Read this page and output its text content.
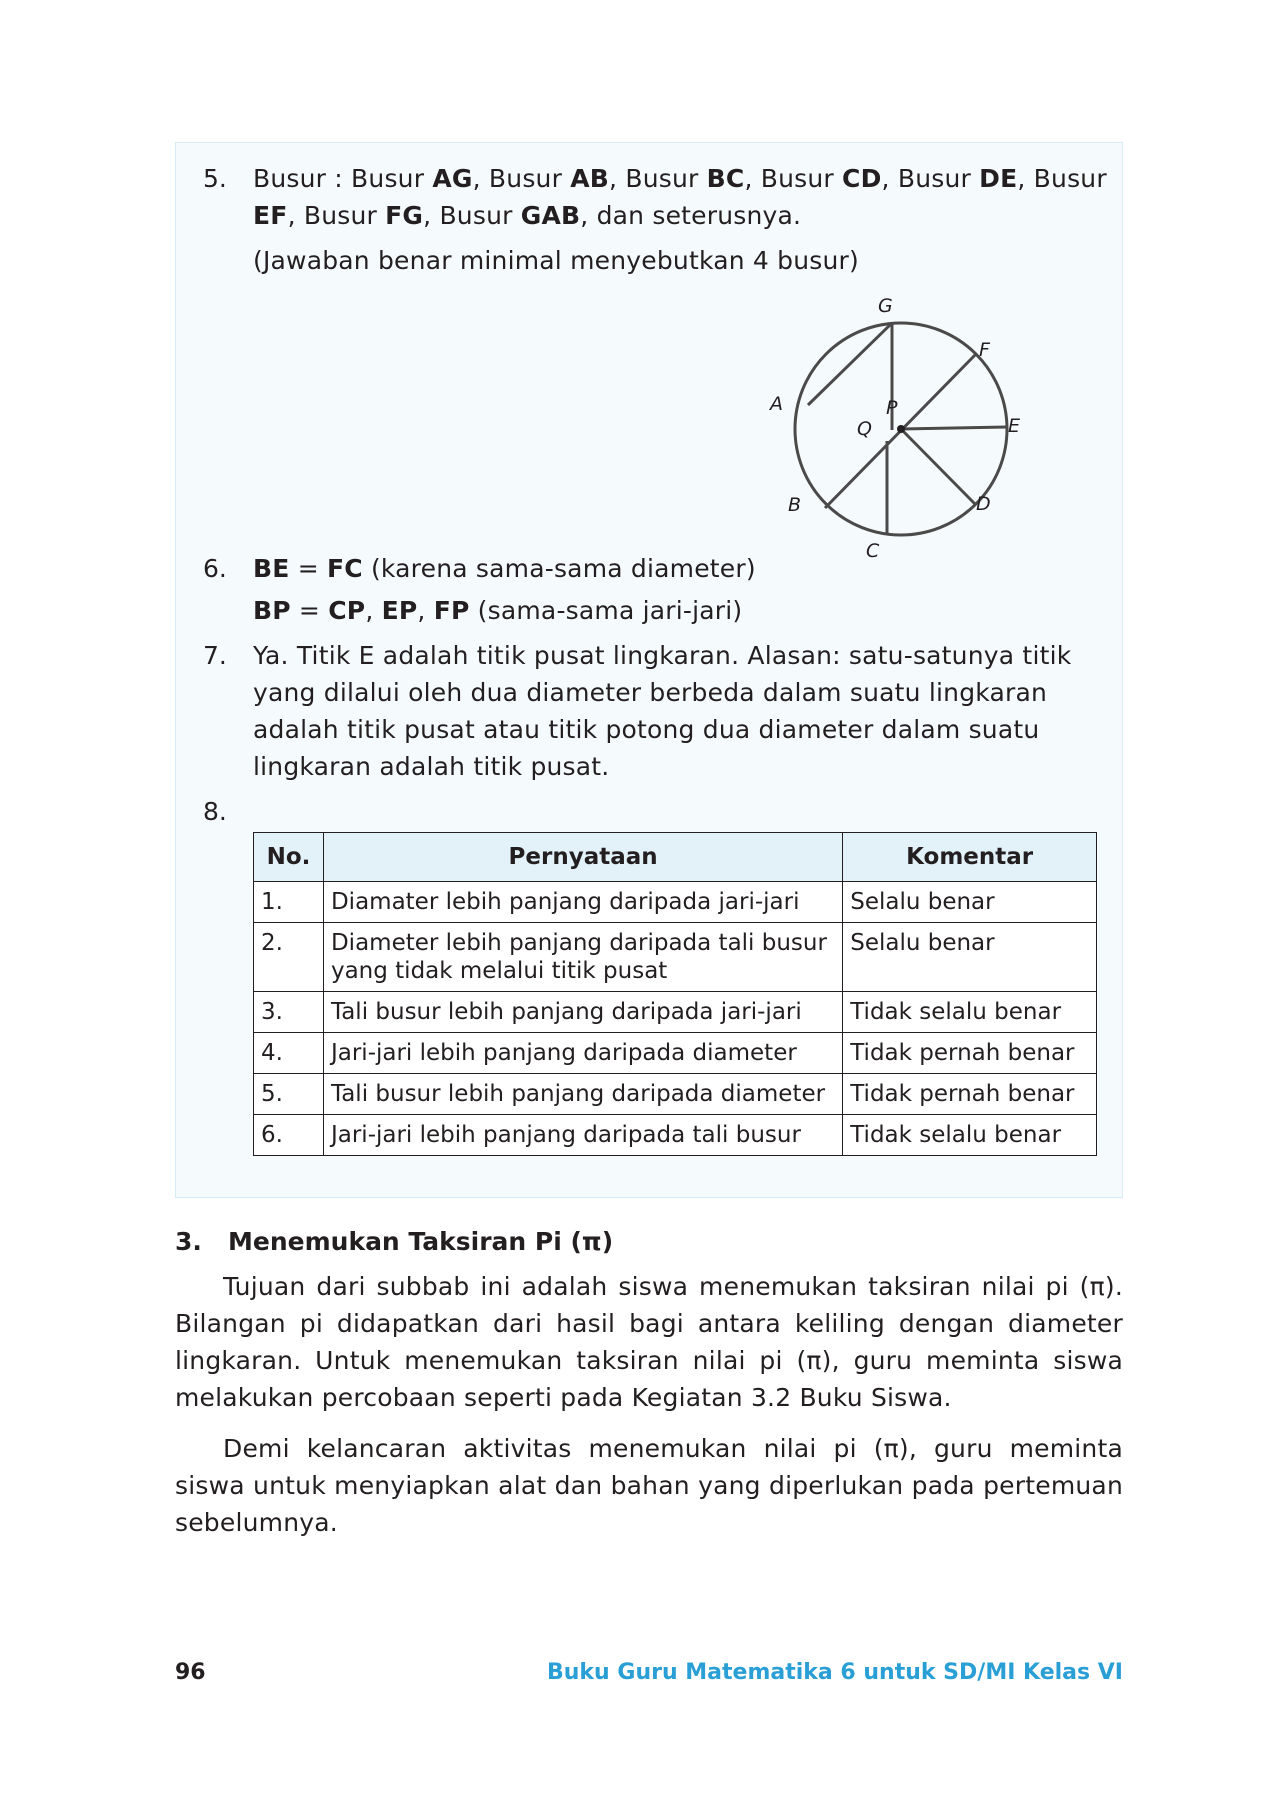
5. Busur : Busur AG, Busur AB, Busur BC, Busur CD, Busur DE, Busur EF, Busur FG, Busur GAB, dan seterusnya.
(Jawaban benar minimal menyebutkan 4 busur)
G
F
A	P
Q	E
B	D
C
6. BE = FC (karena sama-sama diameter)
BP = CP, EP, FP (sama-sama jari-jari)
7. Ya. Titik E adalah titik pusat lingkaran. Alasan: satu-satunya titik
yang dilalui oleh dua diameter berbeda dalam suatu lingkaran
adalah titik pusat atau titik potong dua diameter dalam suatu
lingkaran adalah titik pusat.
8.
No.	Pernyataan	Komentar
1.	Diamater lebih panjang daripada jari-jari	Selalu benar
2.	Diameter lebih panjang daripada tali busur yang tidak melalui titik pusat	Selalu benar
3.	Tali busur lebih panjang daripada jari-jari	Tidak selalu benar
4.	Jari-jari lebih panjang daripada diameter	Tidak pernah benar
5.	Tali busur lebih panjang daripada diameter	Tidak pernah benar
6.	Jari-jari lebih panjang daripada tali busur	Tidak selalu benar
3.   Menemukan Taksiran Pi (π)

Tujuan dari subbab ini adalah siswa menemukan taksiran nilai pi (π). Bilangan pi didapatkan dari hasil bagi antara keliling dengan diameter lingkaran. Untuk menemukan taksiran nilai pi (π), guru meminta siswa melakukan percobaan seperti pada Kegiatan 3.2 Buku Siswa.

Demi kelancaran aktivitas menemukan nilai pi (π), guru meminta siswa untuk menyiapkan alat dan bahan yang diperlukan pada pertemuan sebelumnya.

96	Buku Guru Matematika 6 untuk SD/MI Kelas VI
